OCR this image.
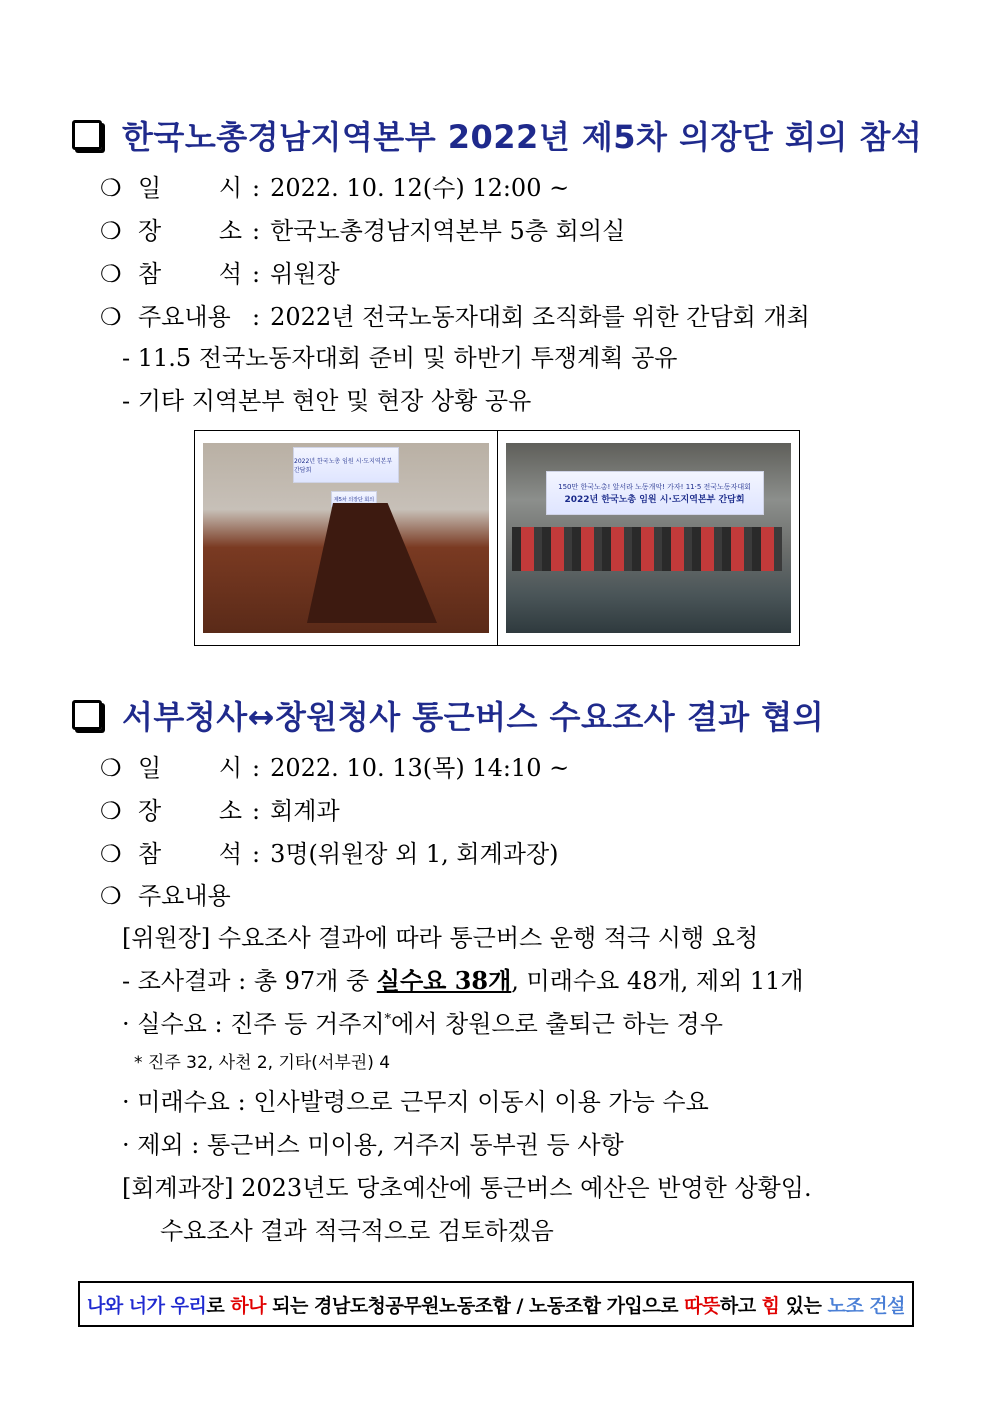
한국노총경남지역본부 2022년 제5차 의장단 회의 참석
❍ 일 시 : 2022. 10. 12(수) 12:00 ~
❍ 장 소 : 한국노총경남지역본부 5층 회의실
❍ 참 석 : 위원장
❍ 주요내용 : 2022년 전국노동자대회 조직화를 위한 간담회 개최
- 11.5 전국노동자대회 준비 및 하반기 투쟁계획 공유
- 기타 지역본부 현안 및 현장 상황 공유
2022년 한국노총 임원 시·도지역본부 간담회
제5차 의장단 회의
150만 한국노총! 앞서라 노동개악! 가자! 11·5 전국노동자대회
2022년 한국노총 임원 시·도지역본부 간담회
서부청사↔창원청사 통근버스 수요조사 결과 협의
❍ 일 시 : 2022. 10. 13(목) 14:10 ~
❍ 장 소 : 회계과
❍ 참 석 : 3명(위원장 외 1, 회계과장)
❍ 주요내용
[위원장] 수요조사 결과에 따라 통근버스 운행 적극 시행 요청
- 조사결과 : 총 97개 중 실수요 38개, 미래수요 48개, 제외 11개
· 실수요 : 진주 등 거주지*에서 창원으로 출퇴근 하는 경우
* 진주 32, 사천 2, 기타(서부권) 4
· 미래수요 : 인사발령으로 근무지 이동시 이용 가능 수요
· 제외 : 통근버스 미이용, 거주지 동부권 등 사항
[회계과장] 2023년도 당초예산에 통근버스 예산은 반영한 상황임.
수요조사 결과 적극적으로 검토하겠음
나와 너가 우리 로 하나 되는 경남도청공무원노동조합 / 노동조합 가입으로 따뜻 하고 힘 있는 노조 건설
